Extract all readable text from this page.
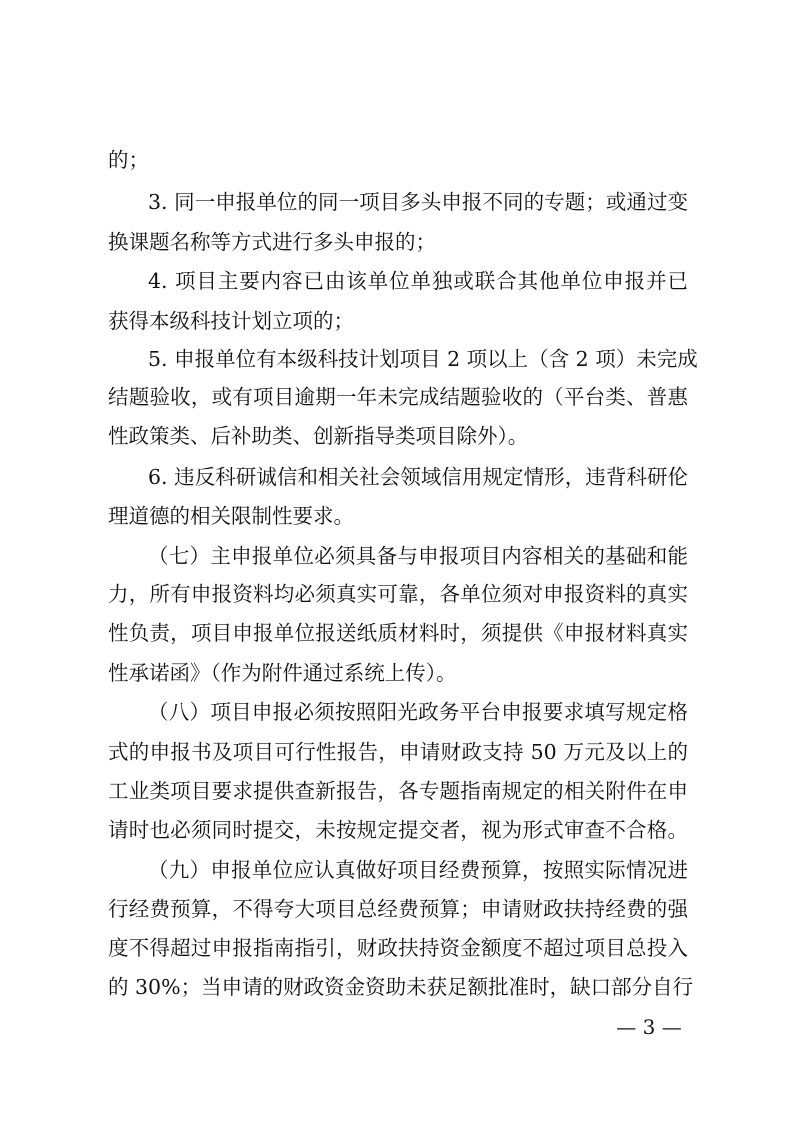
的；
3. 同一申报单位的同一项目多头申报不同的专题；或通过变
换课题名称等方式进行多头申报的；
4. 项目主要内容已由该单位单独或联合其他单位申报并已
获得本级科技计划立项的；
5. 申报单位有本级科技计划项目 2 项以上（含 2 项）未完成
结题验收，或有项目逾期一年未完成结题验收的（平台类、普惠
性政策类、后补助类、创新指导类项目除外）。
6. 违反科研诚信和相关社会领域信用规定情形，违背科研伦
理道德的相关限制性要求。
（七）主申报单位必须具备与申报项目内容相关的基础和能
力，所有申报资料均必须真实可靠，各单位须对申报资料的真实
性负责，项目申报单位报送纸质材料时，须提供《申报材料真实
性承诺函》（作为附件通过系统上传）。
（八）项目申报必须按照阳光政务平台申报要求填写规定格
式的申报书及项目可行性报告，申请财政支持 50 万元及以上的
工业类项目要求提供查新报告，各专题指南规定的相关附件在申
请时也必须同时提交，未按规定提交者，视为形式审查不合格。
（九）申报单位应认真做好项目经费预算，按照实际情况进
行经费预算，不得夸大项目总经费预算；申请财政扶持经费的强
度不得超过申报指南指引，财政扶持资金额度不超过项目总投入
的 30%；当申请的财政资金资助未获足额批准时，缺口部分自行
— 3 —
